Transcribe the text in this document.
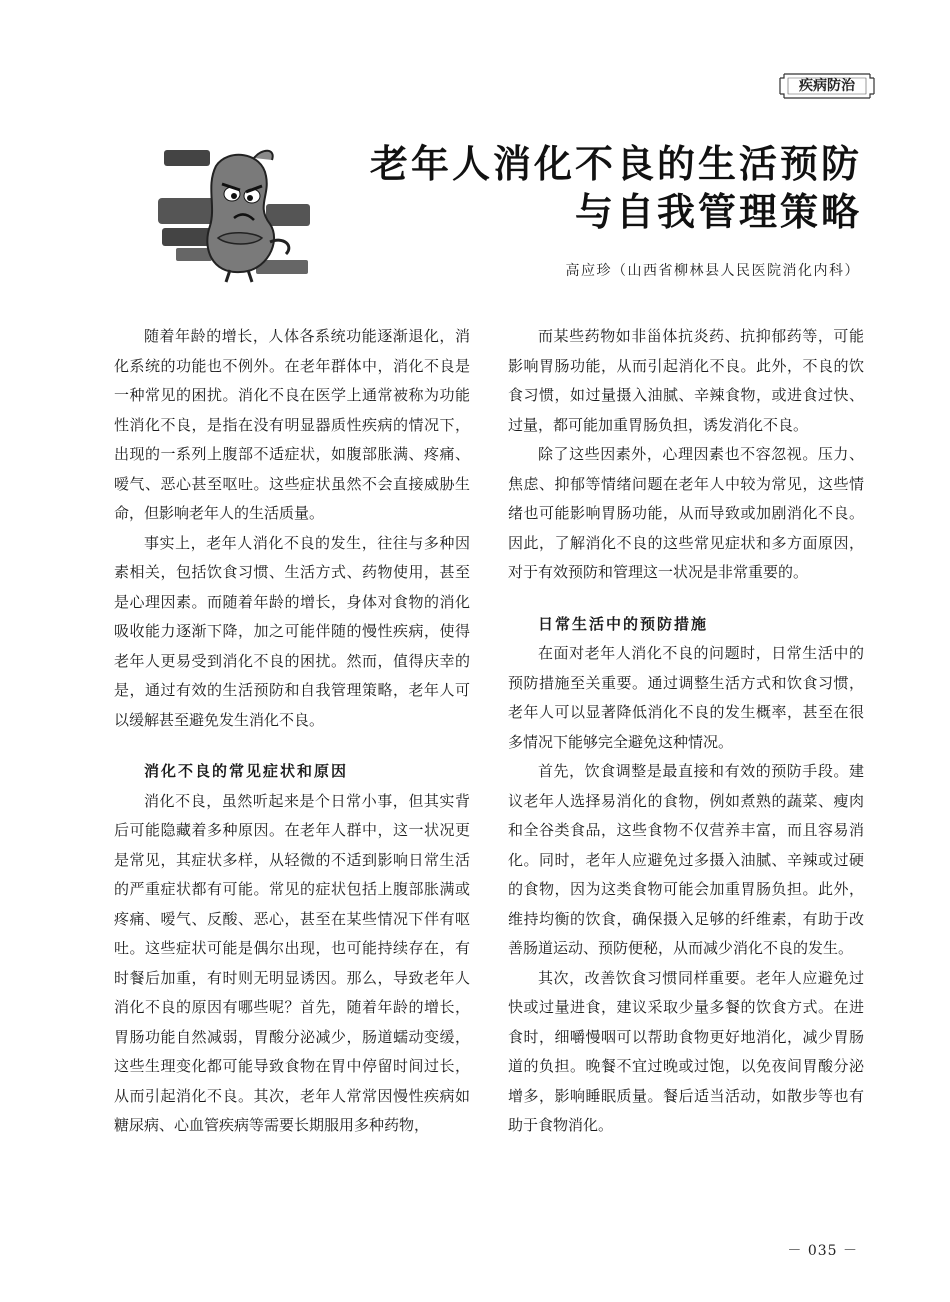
疾病防治
老年人消化不良的生活预防
与自我管理策略
高应珍（山西省柳林县人民医院消化内科）

随着年龄的增长，人体各系统功能逐渐退化，消化系统的功能也不例外。在老年群体中，消化不良是一种常见的困扰。消化不良在医学上通常被称为功能性消化不良，是指在没有明显器质性疾病的情况下，出现的一系列上腹部不适症状，如腹部胀满、疼痛、嗳气、恶心甚至呕吐。这些症状虽然不会直接威胁生命，但影响老年人的生活质量。

事实上，老年人消化不良的发生，往往与多种因素相关，包括饮食习惯、生活方式、药物使用，甚至是心理因素。而随着年龄的增长，身体对食物的消化吸收能力逐渐下降，加之可能伴随的慢性疾病，使得老年人更易受到消化不良的困扰。然而，值得庆幸的是，通过有效的生活预防和自我管理策略，老年人可以缓解甚至避免发生消化不良。

消化不良的常见症状和原因

消化不良，虽然听起来是个日常小事，但其实背后可能隐藏着多种原因。在老年人群中，这一状况更是常见，其症状多样，从轻微的不适到影响日常生活的严重症状都有可能。常见的症状包括上腹部胀满或疼痛、嗳气、反酸、恶心，甚至在某些情况下伴有呕吐。这些症状可能是偶尔出现，也可能持续存在，有时餐后加重，有时则无明显诱因。那么，导致老年人消化不良的原因有哪些呢？首先，随着年龄的增长，胃肠功能自然减弱，胃酸分泌减少，肠道蠕动变缓，这些生理变化都可能导致食物在胃中停留时间过长，从而引起消化不良。其次，老年人常常因慢性疾病如糖尿病、心血管疾病等需要长期服用多种药物，

而某些药物如非甾体抗炎药、抗抑郁药等，可能影响胃肠功能，从而引起消化不良。此外，不良的饮食习惯，如过量摄入油腻、辛辣食物，或进食过快、过量，都可能加重胃肠负担，诱发消化不良。

除了这些因素外，心理因素也不容忽视。压力、焦虑、抑郁等情绪问题在老年人中较为常见，这些情绪也可能影响胃肠功能，从而导致或加剧消化不良。因此，了解消化不良的这些常见症状和多方面原因，对于有效预防和管理这一状况是非常重要的。

日常生活中的预防措施

在面对老年人消化不良的问题时，日常生活中的预防措施至关重要。通过调整生活方式和饮食习惯，老年人可以显著降低消化不良的发生概率，甚至在很多情况下能够完全避免这种情况。

首先，饮食调整是最直接和有效的预防手段。建议老年人选择易消化的食物，例如煮熟的蔬菜、瘦肉和全谷类食品，这些食物不仅营养丰富，而且容易消化。同时，老年人应避免过多摄入油腻、辛辣或过硬的食物，因为这类食物可能会加重胃肠负担。此外，维持均衡的饮食，确保摄入足够的纤维素，有助于改善肠道运动、预防便秘，从而减少消化不良的发生。

其次，改善饮食习惯同样重要。老年人应避免过快或过量进食，建议采取少量多餐的饮食方式。在进食时，细嚼慢咽可以帮助食物更好地消化，减少胃肠道的负担。晚餐不宜过晚或过饱，以免夜间胃酸分泌增多，影响睡眠质量。餐后适当活动，如散步等也有助于食物消化。

－ 035 －
